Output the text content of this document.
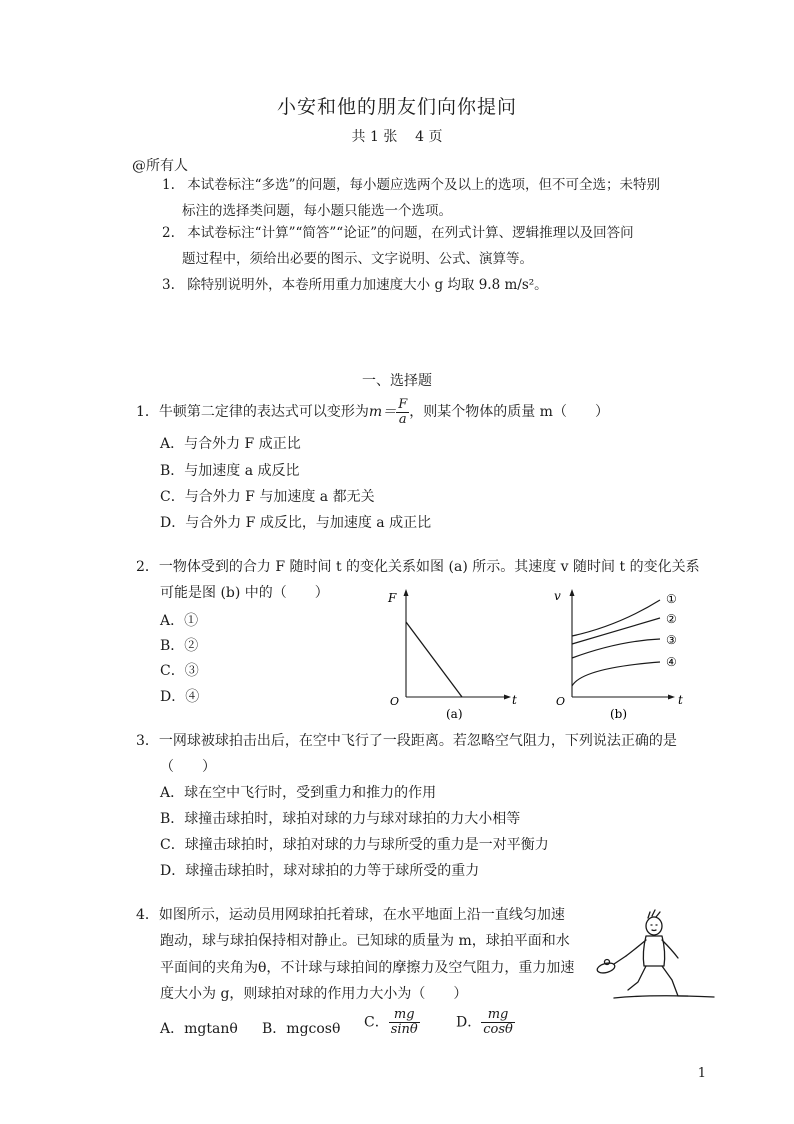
小安和他的朋友们向你提问
共 1 张    4 页
@所有人
1. 本试卷标注“多选”的问题，每小题应选两个及以上的选项，但不可全选；未特别
标注的选择类问题，每小题只能选一个选项。
2. 本试卷标注“计算”“简答”“论证”的问题，在列式计算、逻辑推理以及回答问
题过程中，须给出必要的图示、文字说明、公式、演算等。
3. 除特别说明外，本卷所用重力加速度大小 g 均取 9.8 m/s²。
一、选择题
1．牛顿第二定律的表达式可以变形为$m= \frac{F}{a}$ ，则某个物体的质量 m（　　）
A．与合外力 F 成正比
B．与加速度 a 成反比
C．与合外力 F 与加速度 a 都无关
D．与合外力 F 成反比，与加速度 a 成正比
2．一物体受到的合力 F 随时间 t 的变化关系如图 (a) 所示。其速度 v 随时间 t 的变化关系
可能是图 (b) 中的（　　）
A．①
B．②
C．③
D．④
F
t
O
(a)
①
②
③
④
v
t
O
(b)
3．一网球被球拍击出后，在空中飞行了一段距离。若忽略空气阻力，下列说法正确的是
（　　）
A．球在空中飞行时，受到重力和推力的作用
B．球撞击球拍时，球拍对球的力与球对球拍的力大小相等
C．球撞击球拍时，球拍对球的力与球所受的重力是一对平衡力
D．球撞击球拍时，球对球拍的力等于球所受的重力
4．如图所示，运动员用网球拍托着球，在水平地面上沿一直线匀加速
跑动，球与球拍保持相对静止。已知球的质量为 m，球拍平面和水
平面间的夹角为θ，不计球与球拍间的摩擦力及空气阻力，重力加速
度大小为 g，则球拍对球的作用力大小为（　　）
A．mgtanθ B．mgcosθ C． $\frac{mg}{\sin\theta}$	D． $\frac{mg}{\cos\theta}$
1
